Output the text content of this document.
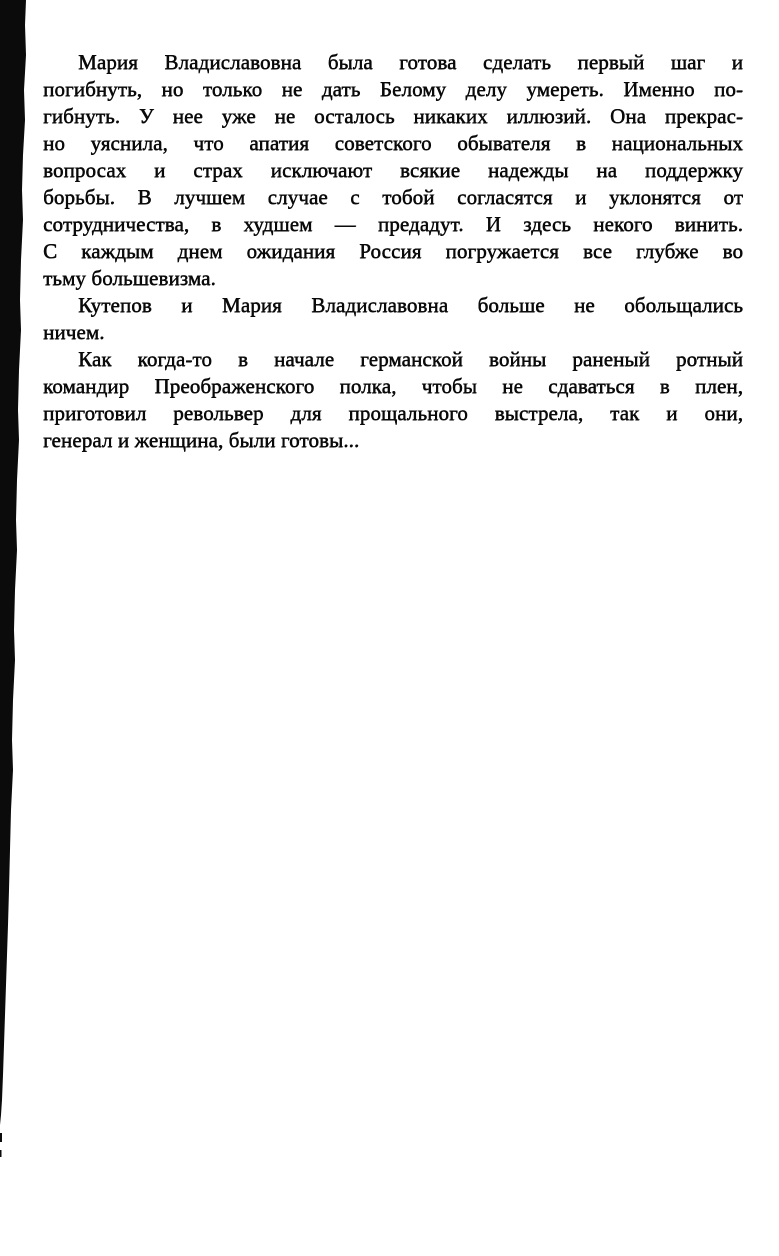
Мария Владиславовна была готова сделать первый шаг и
погибнуть, но только не дать Белому делу умереть. Именно по-
гибнуть. У нее уже не осталось никаких иллюзий. Она прекрас-
но уяснила, что апатия советского обывателя в национальных
вопросах и страх исключают всякие надежды на поддержку
борьбы. В лучшем случае с тобой согласятся и уклонятся от
сотрудничества, в худшем — предадут. И здесь некого винить.
С каждым днем ожидания Россия погружается все глубже во
тьму большевизма.
Кутепов и Мария Владиславовна больше не обольщались
ничем.
Как когда-то в начале германской войны раненый ротный
командир Преображенского полка, чтобы не сдаваться в плен,
приготовил револьвер для прощального выстрела, так и они,
генерал и женщина, были готовы...
